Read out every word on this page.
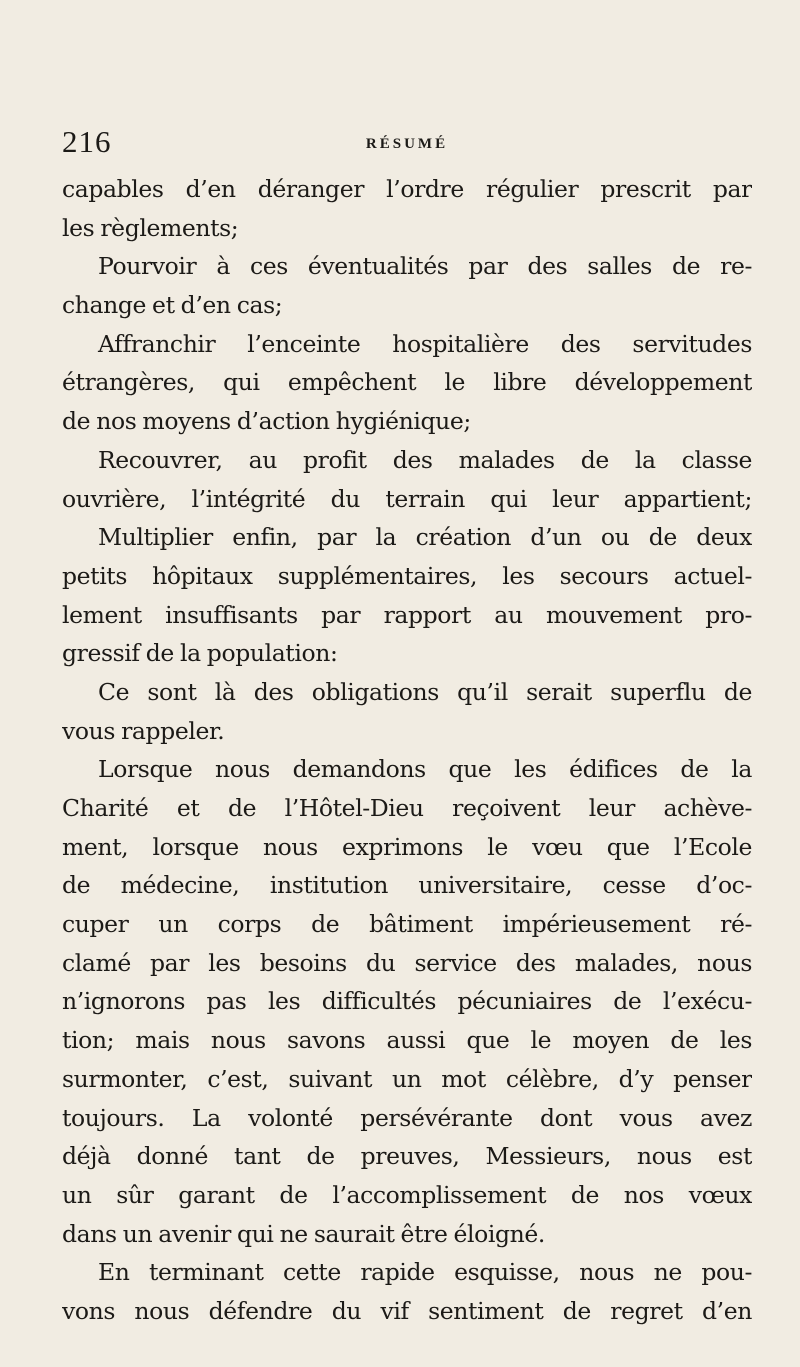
216	RÉSUMÉ
capables d’en déranger l’ordre régulier prescrit par
les règlements;
Pourvoir à ces éventualités par des salles de re-
change et d’en cas;
Affranchir l’enceinte hospitalière des servitudes
étrangères, qui empêchent le libre développement
de nos moyens d’action hygiénique;
Recouvrer, au profit des malades de la classe
ouvrière, l’intégrité du terrain qui leur appartient;
Multiplier enfin, par la création d’un ou de deux
petits hôpitaux supplémentaires, les secours actuel-
lement insuffisants par rapport au mouvement pro-
gressif de la population:
Ce sont là des obligations qu’il serait superflu de
vous rappeler.
Lorsque nous demandons que les édifices de la
Charité et de l’Hôtel-Dieu reçoivent leur achève-
ment, lorsque nous exprimons le vœu que l’Ecole
de médecine, institution universitaire, cesse d’oc-
cuper un corps de bâtiment impérieusement ré-
clamé par les besoins du service des malades, nous
n’ignorons pas les difficultés pécuniaires de l’exécu-
tion; mais nous savons aussi que le moyen de les
surmonter, c’est, suivant un mot célèbre, d’y penser
toujours. La volonté persévérante dont vous avez
déjà donné tant de preuves, Messieurs, nous est
un sûr garant de l’accomplissement de nos vœux
dans un avenir qui ne saurait être éloigné.
En terminant cette rapide esquisse, nous ne pou-
vons nous défendre du vif sentiment de regret d’en
